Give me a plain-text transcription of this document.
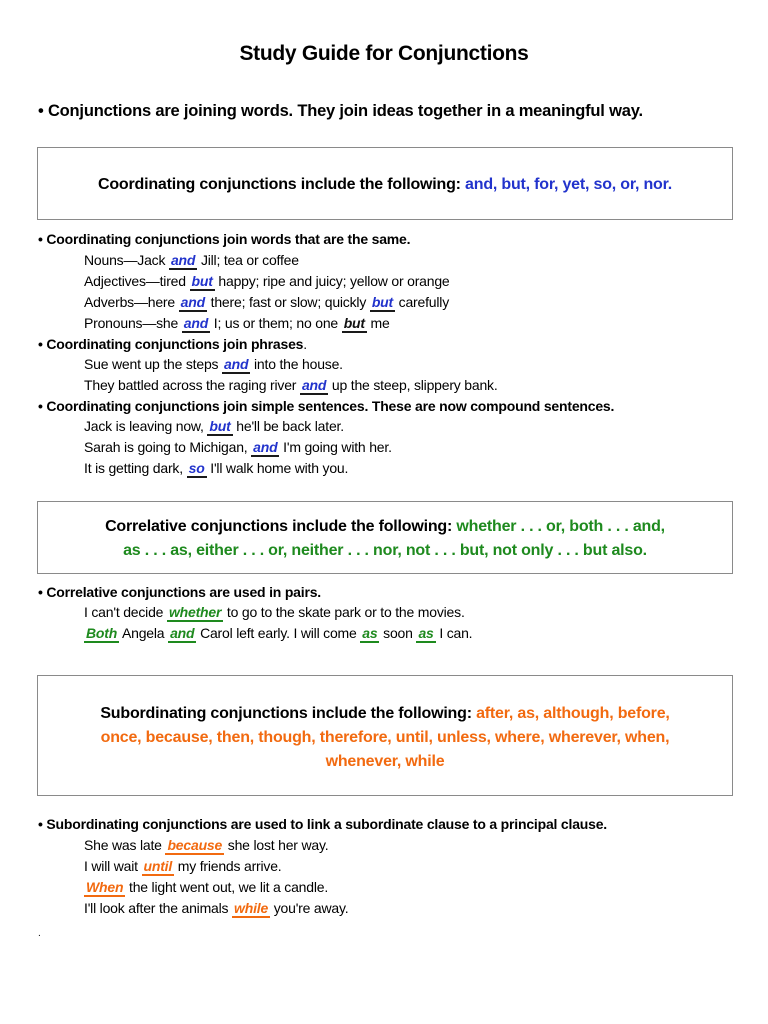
Study Guide for Conjunctions
• Conjunctions are joining words. They join ideas together in a meaningful way.
Coordinating conjunctions include the following: and, but, for, yet, so, or, nor.
• Coordinating conjunctions join words that are the same.
Nouns—Jack and Jill; tea or coffee
Adjectives—tired but happy; ripe and juicy; yellow or orange
Adverbs—here and there; fast or slow; quickly but carefully
Pronouns—she and I; us or them; no one but me
• Coordinating conjunctions join phrases.
Sue went up the steps and into the house.
They battled across the raging river and up the steep, slippery bank.
• Coordinating conjunctions join simple sentences. These are now compound sentences.
Jack is leaving now, but he'll be back later.
Sarah is going to Michigan, and I'm going with her.
It is getting dark, so I'll walk home with you.
Correlative conjunctions include the following: whether . . . or, both . . . and,
as . . . as, either . . . or, neither . . . nor, not . . . but, not only . . . but also.
• Correlative conjunctions are used in pairs.
I can't decide whether to go to the skate park or to the movies.
Both Angela and Carol left early. I will come as soon as I can.
Subordinating conjunctions include the following: after, as, although, before,
once, because, then, though, therefore, until, unless, where, wherever, when,
whenever, while
• Subordinating conjunctions are used to link a subordinate clause to a principal clause.
She was late because she lost her way.
I will wait until my friends arrive.
When the light went out, we lit a candle.
I'll look after the animals while you're away.
.
